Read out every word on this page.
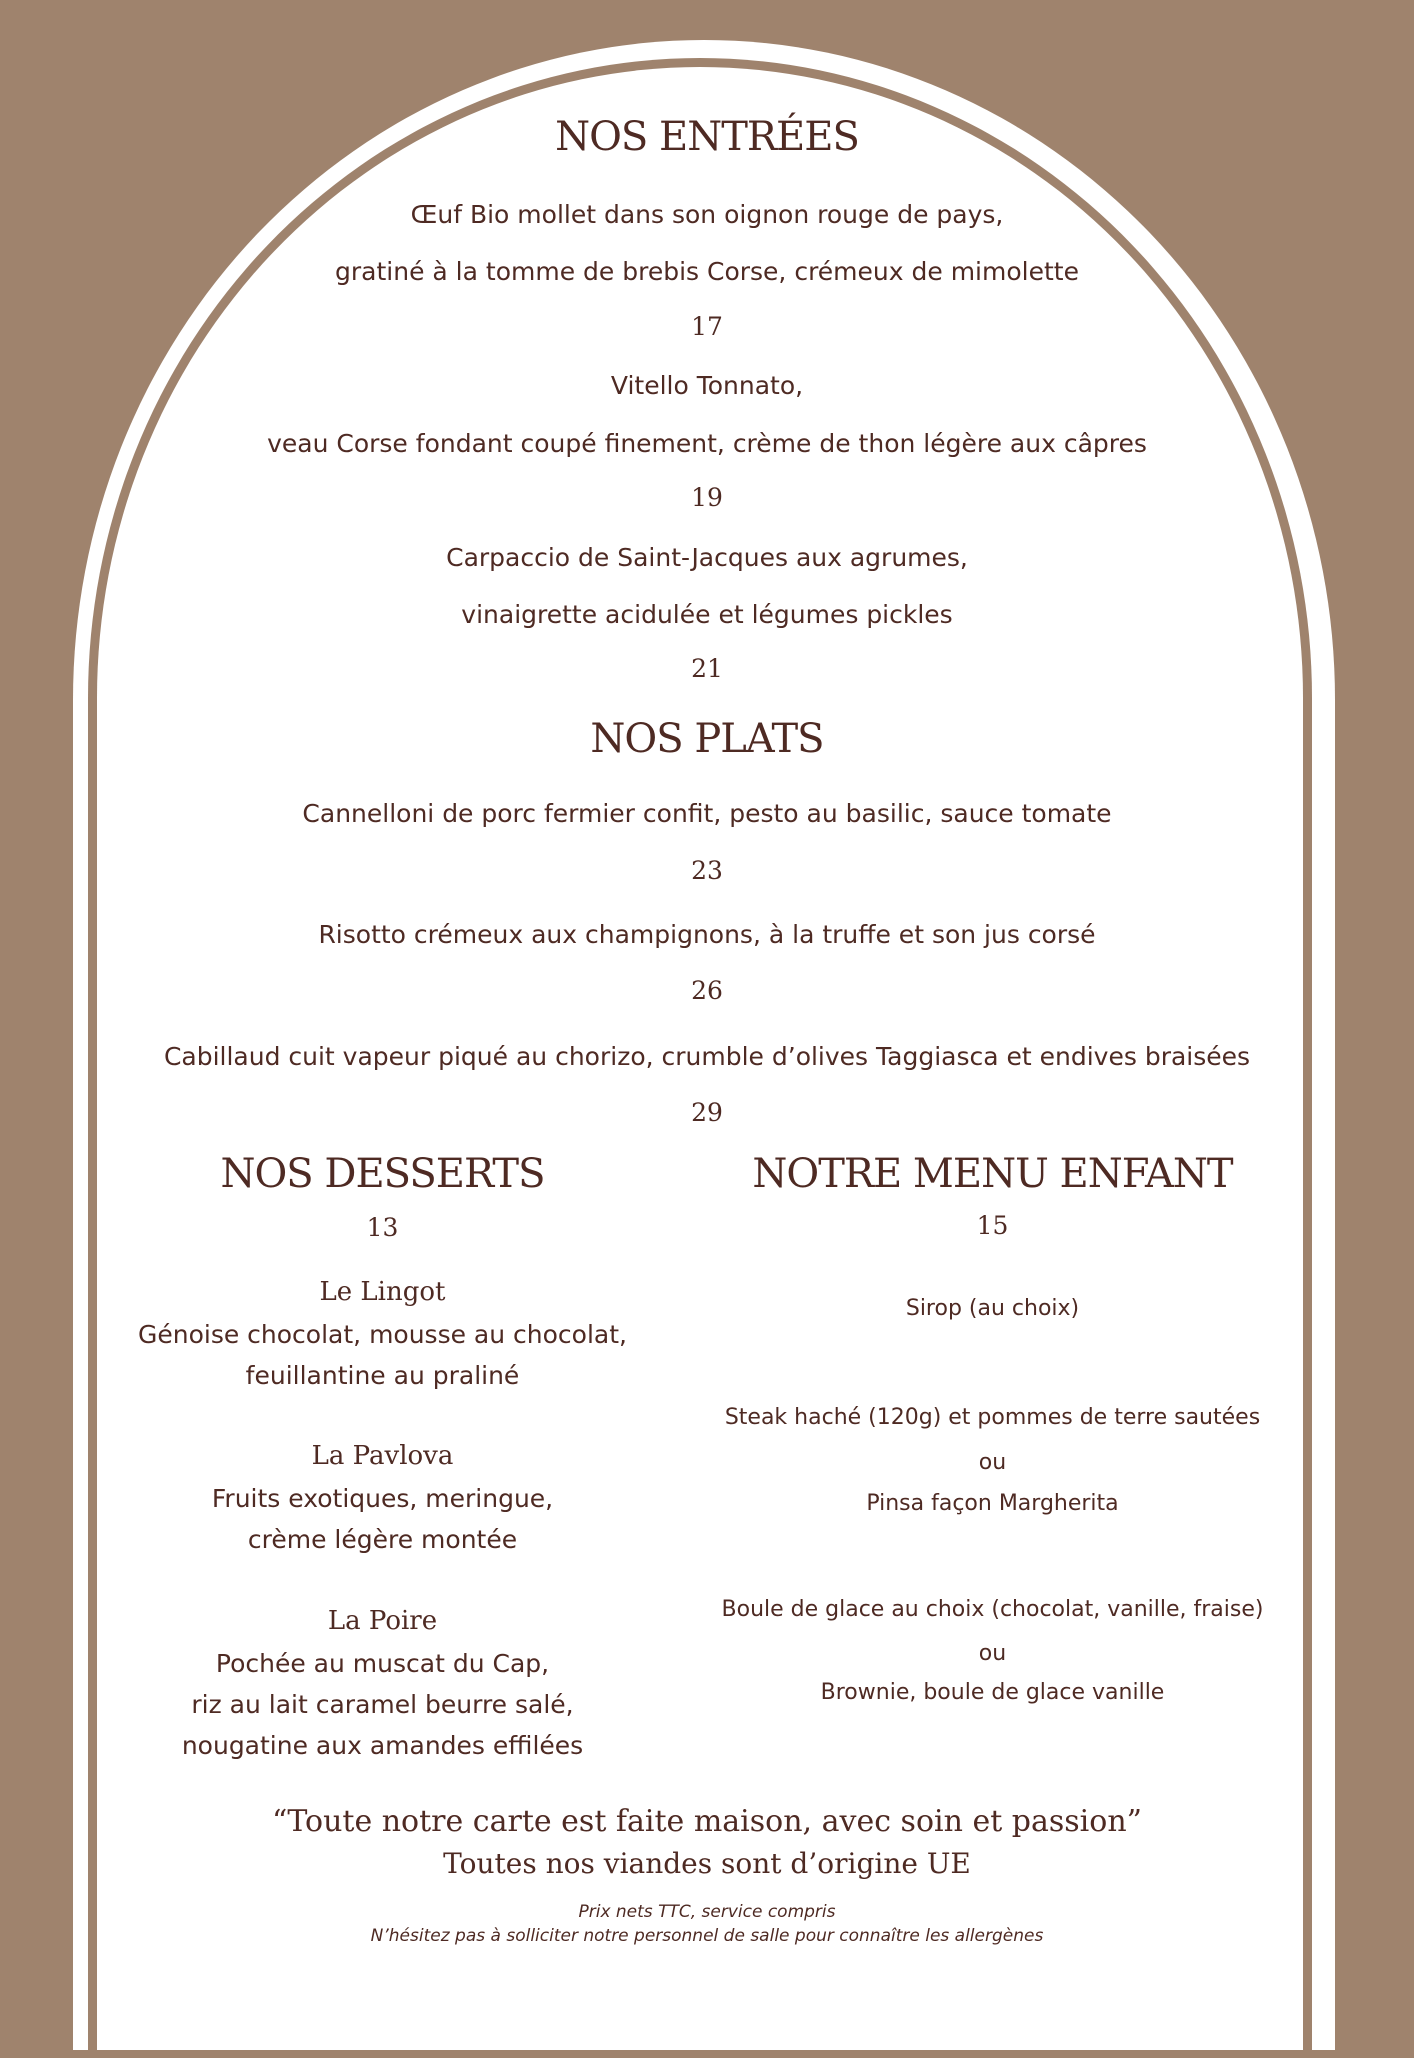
NOS ENTRÉES
Œuf Bio mollet dans son oignon rouge de pays,
gratiné à la tomme de brebis Corse, crémeux de mimolette
17
Vitello Tonnato,
veau Corse fondant coupé finement, crème de thon légère aux câpres
19
Carpaccio de Saint-Jacques aux agrumes,
vinaigrette acidulée et légumes pickles
21
NOS PLATS
Cannelloni de porc fermier confit, pesto au basilic, sauce tomate
23
Risotto crémeux aux champignons, à la truffe et son jus corsé
26
Cabillaud cuit vapeur piqué au chorizo, crumble d’olives Taggiasca et endives braisées
29
NOS DESSERTS
13
Le Lingot
Génoise chocolat, mousse au chocolat,
feuillantine au praliné
La Pavlova
Fruits exotiques, meringue,
crème légère montée
La Poire
Pochée au muscat du Cap,
riz au lait caramel beurre salé,
nougatine aux amandes effilées
NOTRE MENU ENFANT
15
Sirop (au choix)
Steak haché (120g) et pommes de terre sautées
ou
Pinsa façon Margherita
Boule de glace au choix (chocolat, vanille, fraise)
ou
Brownie, boule de glace vanille
“Toute notre carte est faite maison, avec soin et passion”
Toutes nos viandes sont d’origine UE
Prix nets TTC, service compris
N’hésitez pas à solliciter notre personnel de salle pour connaître les allergènes
